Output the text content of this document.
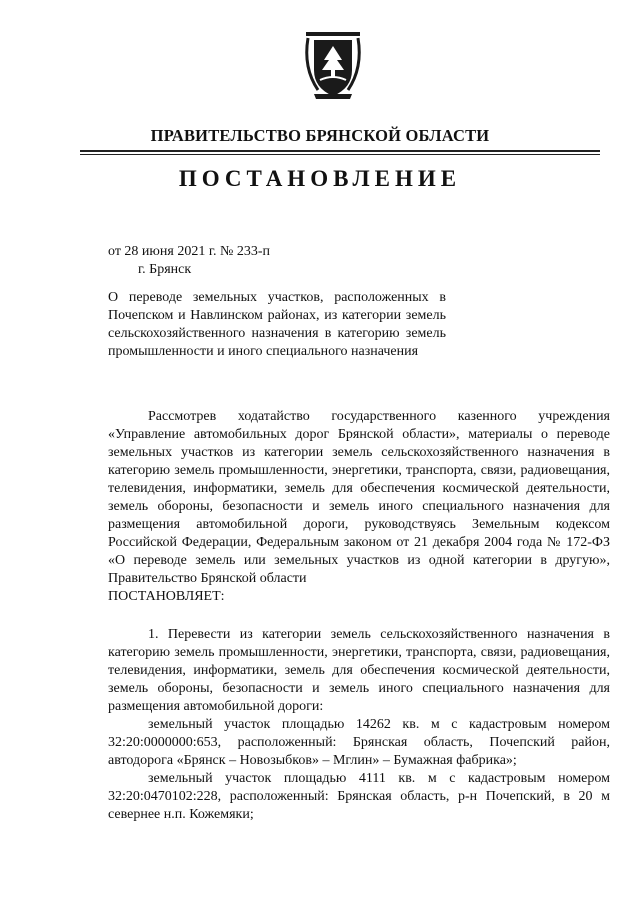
ПРАВИТЕЛЬСТВО БРЯНСКОЙ ОБЛАСТИ
ПОСТАНОВЛЕНИЕ
от 28 июня 2021 г. № 233-п
г. Брянск
О переводе земельных участков, расположенных в Почепском и Навлинском районах, из категории земель сельскохозяйственного назначения в категорию земель промышленности и иного специального назначения

Рассмотрев ходатайство государственного казенного учреждения «Управление автомобильных дорог Брянской области», материалы о переводе земельных участков из категории земель сельскохозяйственного назначения в категорию земель промышленности, энергетики, транспорта, связи, радиовещания, телевидения, информатики, земель для обеспечения космической деятельности, земель обороны, безопасности и земель иного специального назначения для размещения автомобильной дороги, руководствуясь Земельным кодексом Российской Федерации, Федеральным законом от 21 декабря 2004 года № 172-ФЗ «О переводе земель или земельных участков из одной категории в другую», Правительство Брянской области

ПОСТАНОВЛЯЕТ:

1. Перевести из категории земель сельскохозяйственного назначения в категорию земель промышленности, энергетики, транспорта, связи, радиовещания, телевидения, информатики, земель для обеспечения космической деятельности, земель обороны, безопасности и земель иного специального назначения для размещения автомобильной дороги:

земельный участок площадью 14262 кв. м с кадастровым номером 32:20:0000000:653, расположенный: Брянская область, Почепский район, автодорога «Брянск – Новозыбков» – Мглин» – Бумажная фабрика»;

земельный участок площадью 4111 кв. м с кадастровым номером 32:20:0470102:228, расположенный: Брянская область, р-н Почепский, в 20 м севернее н.п. Кожемяки;
